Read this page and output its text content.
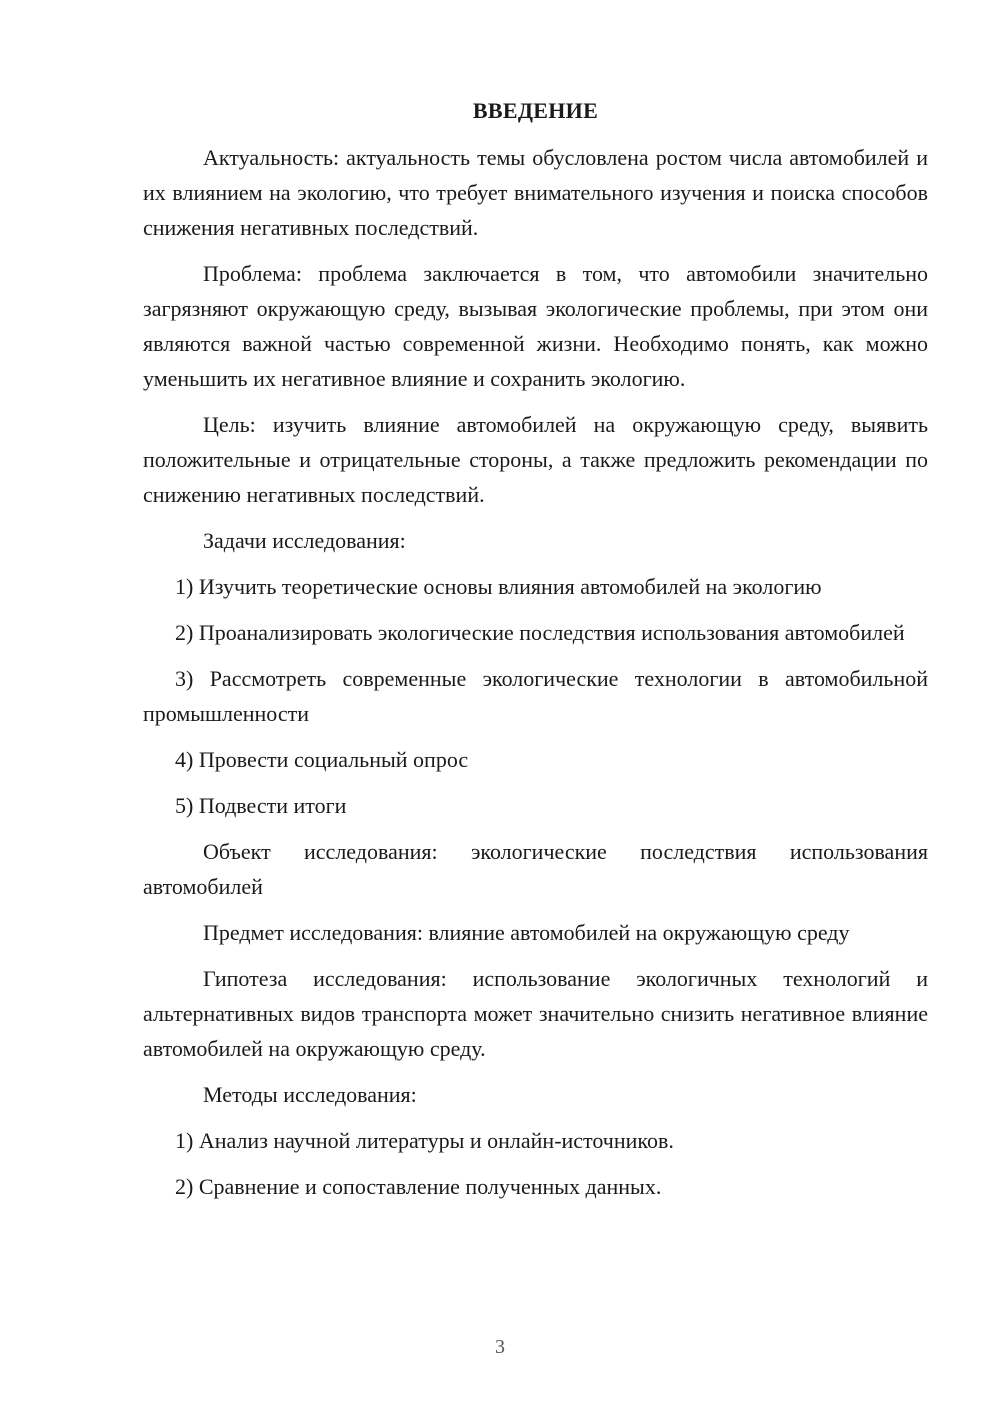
ВВЕДЕНИЕ

Актуальность: актуальность темы обусловлена ростом числа автомобилей и их влиянием на экологию, что требует внимательного изучения и поиска способов снижения негативных последствий.

Проблема: проблема заключается в том, что автомобили значительно загрязняют окружающую среду, вызывая экологические проблемы, при этом они являются важной частью современной жизни. Необходимо понять, как можно уменьшить их негативное влияние и сохранить экологию.

Цель: изучить влияние автомобилей на окружающую среду, выявить положительные и отрицательные стороны, а также предложить рекомендации по снижению негативных последствий.

Задачи исследования:

1) Изучить теоретические основы влияния автомобилей на экологию

2) Проанализировать экологические последствия использования автомобилей

3) Рассмотреть современные экологические технологии в автомобильной промышленности

4) Провести социальный опрос

5) Подвести итоги

Объект исследования: экологические последствия использования автомобилей

Предмет исследования: влияние автомобилей на окружающую среду

Гипотеза исследования: использование экологичных технологий и альтернативных видов транспорта может значительно снизить негативное влияние автомобилей на окружающую среду.

Методы исследования:

1) Анализ научной литературы и онлайн-источников.

2) Сравнение и сопоставление полученных данных.

3
